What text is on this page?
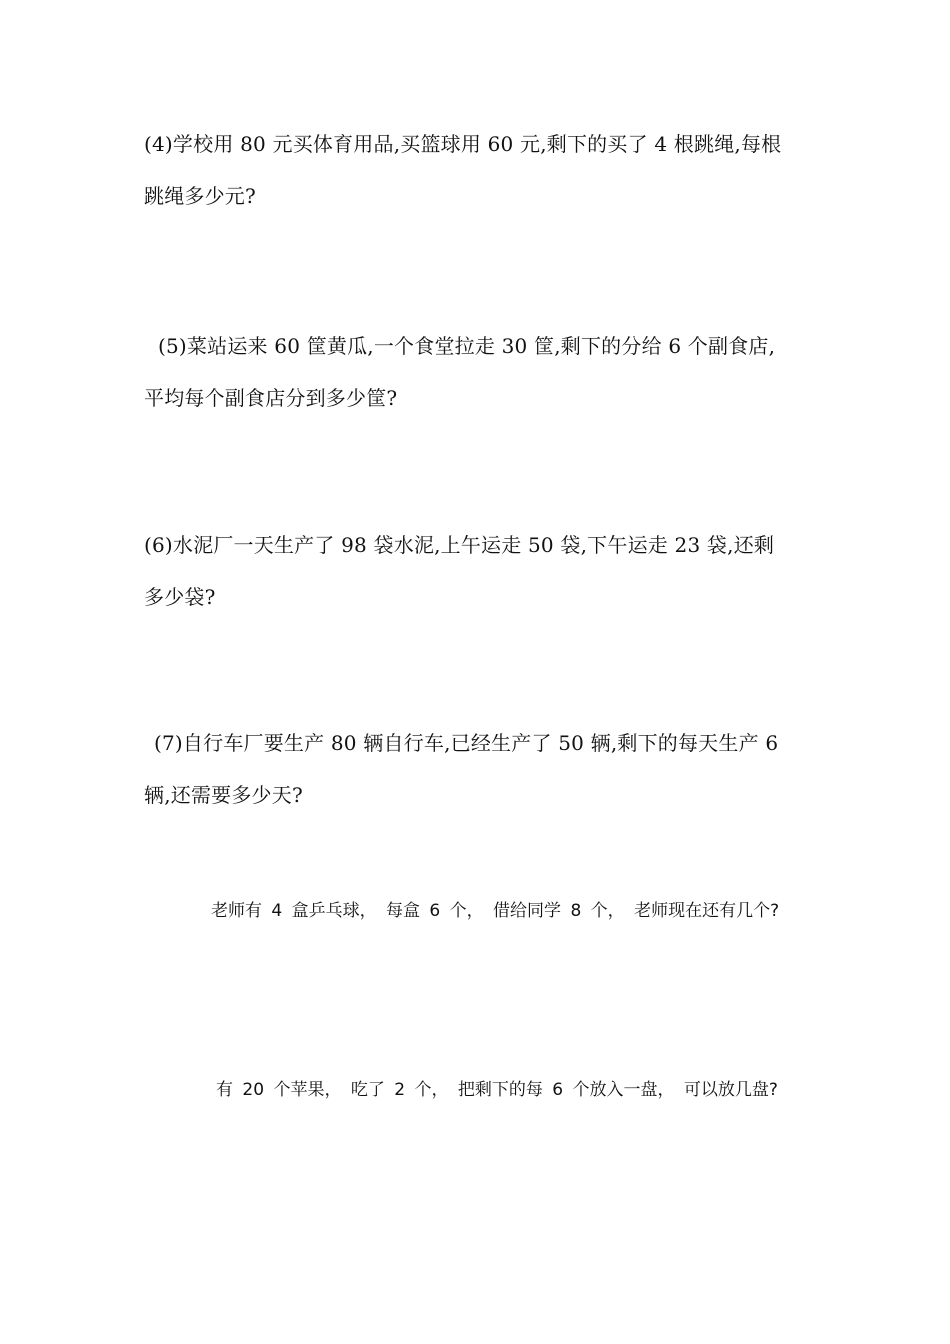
(4)学校用 80 元买体育用品,买篮球用 60 元,剩下的买了 4 根跳绳,每根
跳绳多少元?

(5)菜站运来 60 筐黄瓜,一个食堂拉走 30 筐,剩下的分给 6 个副食店,
平均每个副食店分到多少筐?

(6)水泥厂一天生产了 98 袋水泥,上午运走 50 袋,下午运走 23 袋,还剩
多少袋?

(7)自行车厂要生产 80 辆自行车,已经生产了 50 辆,剩下的每天生产 6
辆,还需要多少天?

老师有 4 盒乒乓球， 每盒 6 个， 借给同学 8 个， 老师现在还有几个?

有 20 个苹果， 吃了 2 个， 把剩下的每 6 个放入一盘， 可以放几盘?
